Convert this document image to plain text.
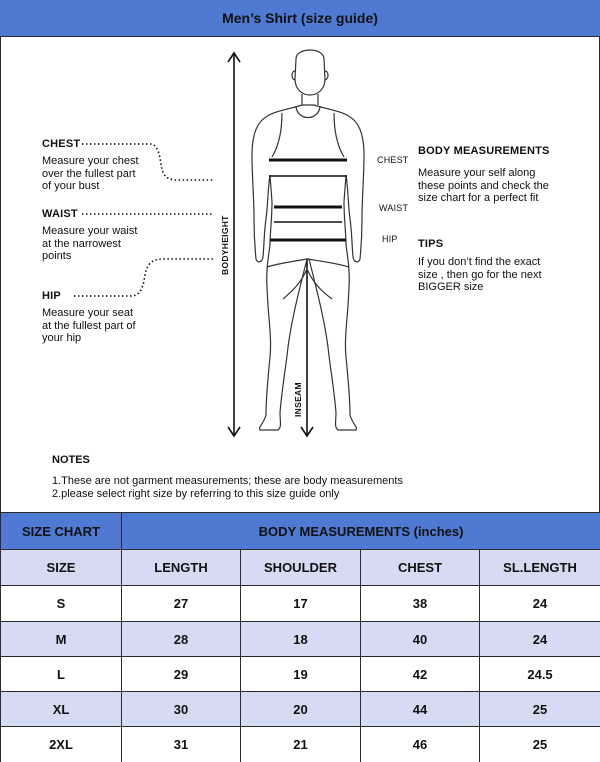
Men’s Shirt (size guide)
CHEST
Measure your chest
over the fullest part
of your bust
WAIST
Measure your waist
at the narrowest
points
HIP
Measure your seat
at the fullest part of
your hip
CHEST
WAIST
HIP
BODYHEIGHT
INSEAM
BODY MEASUREMENTS
Measure your self along
these points and check the
size chart for a perfect fit
TIPS
If you don’t find the exact
size , then go for the next
BIGGER size
NOTES
1.These are not garment measurements; these are body measurements
2.please select right size by referring to this size guide only
SIZE CHART	BODY MEASUREMENTS (inches)			
SIZE	LENGTH	SHOULDER	CHEST	SL.LENGTH
S	27	17	38	24
M	28	18	40	24
L	29	19	42	24.5
XL	30	20	44	25
2XL	31	21	46	25
